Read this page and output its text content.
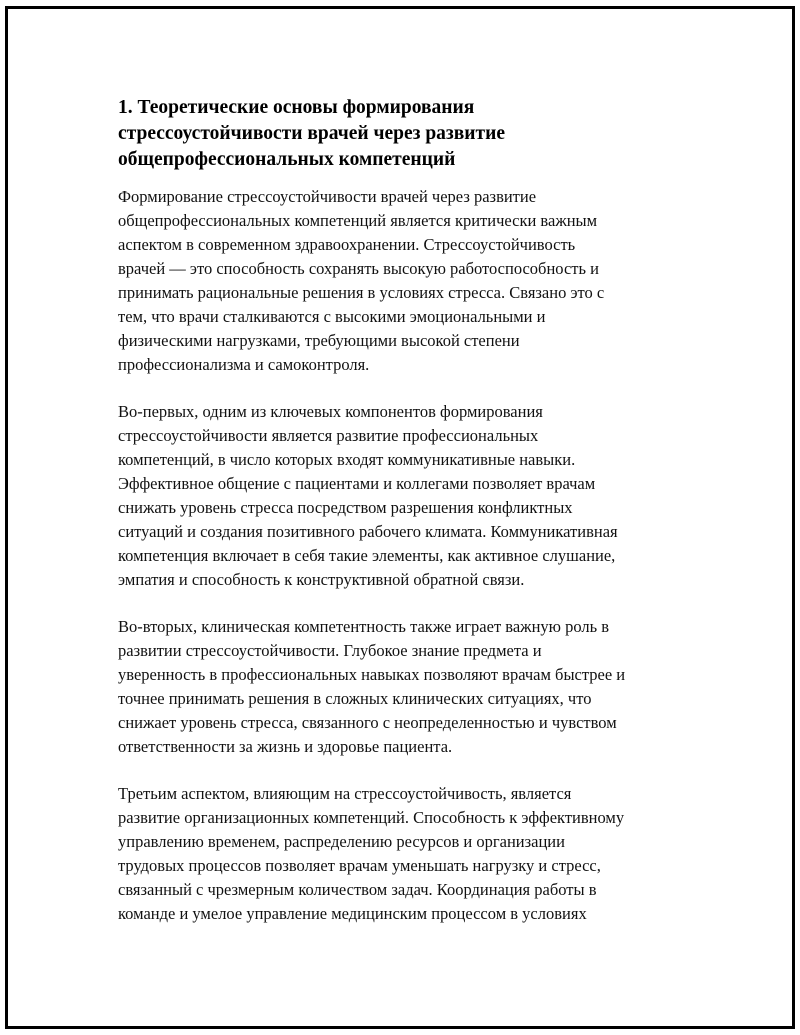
1. Теоретические основы формирования
стрессоустойчивости врачей через развитие
общепрофессиональных компетенций

Формирование стрессоустойчивости врачей через развитие
общепрофессиональных компетенций является критически важным
аспектом в современном здравоохранении. Стрессоустойчивость
врачей — это способность сохранять высокую работоспособность и
принимать рациональные решения в условиях стресса. Связано это с
тем, что врачи сталкиваются с высокими эмоциональными и
физическими нагрузками, требующими высокой степени
профессионализма и самоконтроля.

Во-первых, одним из ключевых компонентов формирования
стрессоустойчивости является развитие профессиональных
компетенций, в число которых входят коммуникативные навыки.
Эффективное общение с пациентами и коллегами позволяет врачам
снижать уровень стресса посредством разрешения конфликтных
ситуаций и создания позитивного рабочего климата. Коммуникативная
компетенция включает в себя такие элементы, как активное слушание,
эмпатия и способность к конструктивной обратной связи.

Во-вторых, клиническая компетентность также играет важную роль в
развитии стрессоустойчивости. Глубокое знание предмета и
уверенность в профессиональных навыках позволяют врачам быстрее и
точнее принимать решения в сложных клинических ситуациях, что
снижает уровень стресса, связанного с неопределенностью и чувством
ответственности за жизнь и здоровье пациента.

Третьим аспектом, влияющим на стрессоустойчивость, является
развитие организационных компетенций. Способность к эффективному
управлению временем, распределению ресурсов и организации
трудовых процессов позволяет врачам уменьшать нагрузку и стресс,
связанный с чрезмерным количеством задач. Координация работы в
команде и умелое управление медицинским процессом в условиях
